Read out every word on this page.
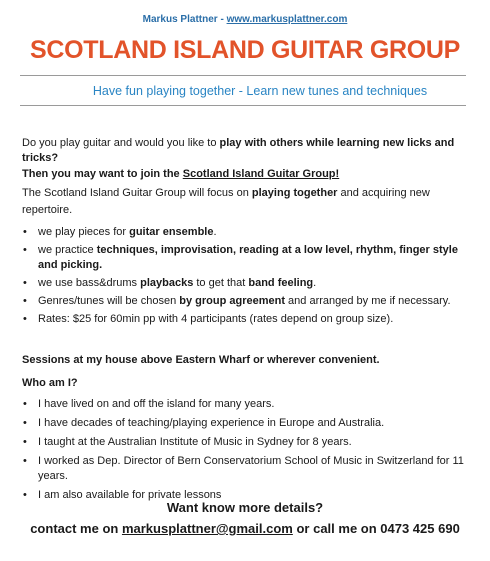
Markus Plattner - www.markusplattner.com
SCOTLAND ISLAND GUITAR GROUP
Have fun playing together - Learn new tunes and techniques

Do you play guitar and would you like to play with others while learning new licks and tricks?

Then you may want to join the Scotland Island Guitar Group!

The Scotland Island Guitar Group will focus on playing together and acquiring new repertoire.

• we play pieces for guitar ensemble.
• we practice techniques, improvisation, reading at a low level, rhythm, finger style and picking.
• we use bass&drums playbacks to get that band feeling.
• Genres/tunes will be chosen by group agreement and arranged by me if necessary.
• Rates: $25 for 60min pp with 4 participants (rates depend on group size).

Sessions at my house above Eastern Wharf or wherever convenient.

Who am I?

• I have lived on and off the island for many years.
• I have decades of teaching/playing experience in Europe and Australia.
• I taught at the Australian Institute of Music in Sydney for 8 years.
• I worked as Dep. Director of Bern Conservatorium School of Music in Switzerland for 11 years.
• I am also available for private lessons
Want know more details?
contact me on markusplattner@gmail.com or call me on 0473 425 690
